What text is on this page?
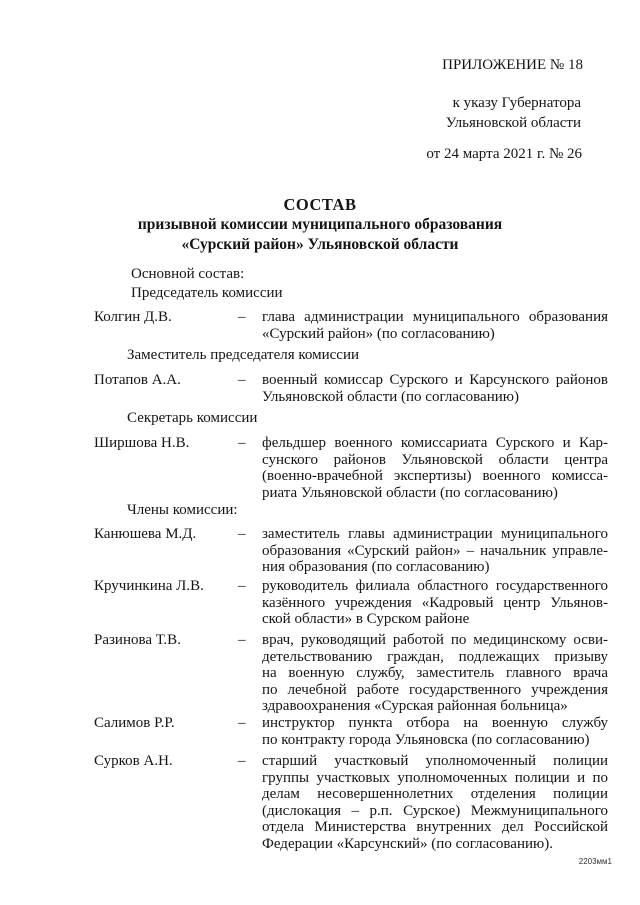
ПРИЛОЖЕНИЕ № 18
к указу Губернатора
Ульяновской области
от 24 марта 2021 г. № 26
СОСТАВ
призывной комиссии муниципального образования
«Сурский район» Ульяновской области
Основной состав:
Председатель комиссии
Колгин Д.В.	– глава администрации муниципального образования
«Сурский район» (по согласованию)
Заместитель председателя комиссии
Потапов А.А.	– военный комиссар Сурского и Карсунского районов
Ульяновской области (по согласованию)
Секретарь комиссии
Ширшова Н.В.	– фельдшер военного комиссариата Сурского и Кар-
сунского районов Ульяновской области центра
(военно-врачебной экспертизы) военного комисса-
риата Ульяновской области (по согласованию)
Члены комиссии:
Канюшева М.Д.	– заместитель главы администрации муниципального
образования «Сурский район» – начальник управле-
ния образования (по согласованию)
Кручинкина Л.В. – руководитель филиала областного государственного
казённого учреждения «Кадровый центр Ульянов-
ской области» в Сурском районе
Разинова Т.В.	– врач, руководящий работой по медицинскому осви-
детельствованию граждан, подлежащих призыву
на военную службу, заместитель главного врача
по лечебной работе государственного учреждения
здравоохранения «Сурская районная больница»
Салимов Р.Р.	– инструктор пункта отбора на военную службу
по контракту города Ульяновска (по согласованию)
Сурков А.Н.	– старший участковый уполномоченный полиции
группы участковых уполномоченных полиции и по
делам несовершеннолетних отделения полиции
(дислокация – р.п. Сурское) Межмуниципального
отдела Министерства внутренних дел Российской
Федерации «Карсунский» (по согласованию).
2203мм1
